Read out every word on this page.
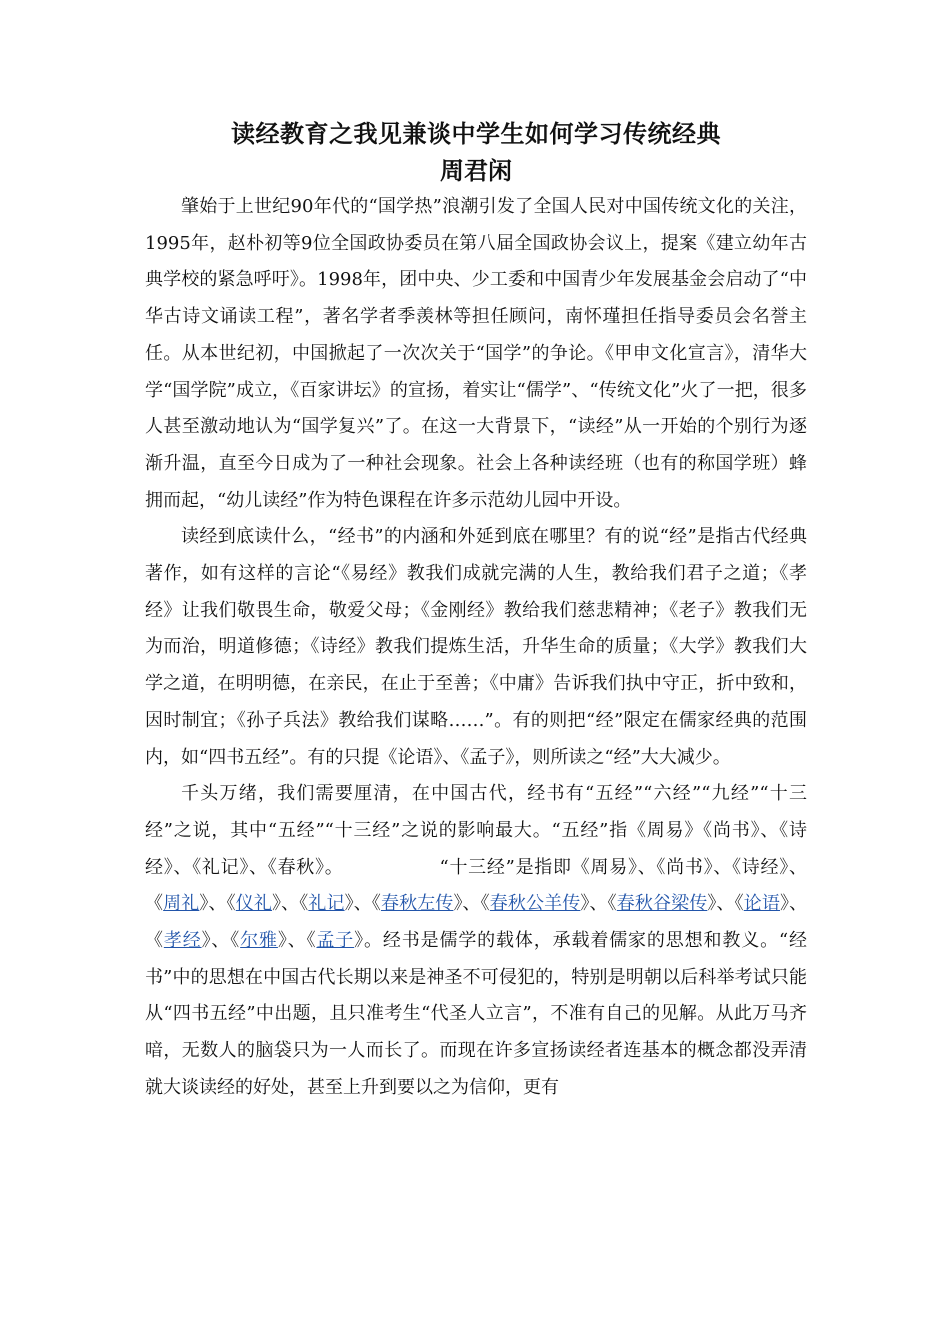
读经教育之我见兼谈中学生如何学习传统经典
周君闲

肇始于上世纪90年代的“国学热”浪潮引发了全国人民对中国传统文化的关注，1995年，赵朴初等9位全国政协委员在第八届全国政协会议上，提案《建立幼年古典学校的紧急呼吁》。1998年，团中央、少工委和中国青少年发展基金会启动了“中华古诗文诵读工程”，著名学者季羡林等担任顾问，南怀瑾担任指导委员会名誉主任。从本世纪初，中国掀起了一次次关于“国学”的争论。《甲申文化宣言》，清华大学“国学院”成立，《百家讲坛》的宣扬，着实让“儒学”、“传统文化”火了一把，很多人甚至激动地认为“国学复兴”了。在这一大背景下，“读经”从一开始的个别行为逐渐升温，直至今日成为了一种社会现象。社会上各种读经班（也有的称国学班）蜂拥而起，“幼儿读经”作为特色课程在许多示范幼儿园中开设。

读经到底读什么，“经书”的内涵和外延到底在哪里？有的说“经”是指古代经典著作，如有这样的言论“《易经》教我们成就完满的人生，教给我们君子之道；《孝经》让我们敬畏生命，敬爱父母；《金刚经》教给我们慈悲精神；《老子》教我们无为而治，明道修德；《诗经》教我们提炼生活，升华生命的质量；《大学》教我们大学之道，在明明德，在亲民，在止于至善；《中庸》告诉我们执中守正，折中致和，因时制宜；《孙子兵法》教给我们谋略……”。有的则把“经”限定在儒家经典的范围内，如“四书五经”。有的只提《论语》、《孟子》，则所读之“经”大大减少。

千头万绪，我们需要厘清，在中国古代，经书有“五经”“六经”“九经”“十三经”之说，其中“五经”“十三经”之说的影响最大。“五经”指《周易》《尚书》、《诗经》、《礼记》、《春秋》。	“十三经”是指即《周易》、《尚书》、《诗经》、《周礼》、《仪礼》、《礼记》、《春秋左传》、《春秋公羊传》、《春秋谷梁传》、《论语》、《孝经》、《尔雅》、《孟子》。经书是儒学的载体，承载着儒家的思想和教义。“经书”中的思想在中国古代长期以来是神圣不可侵犯的，特别是明朝以后科举考试只能从“四书五经”中出题，且只准考生“代圣人立言”，不准有自己的见解。从此万马齐喑，无数人的脑袋只为一人而长了。而现在许多宣扬读经者连基本的概念都没弄清就大谈读经的好处，甚至上升到要以之为信仰，更有
